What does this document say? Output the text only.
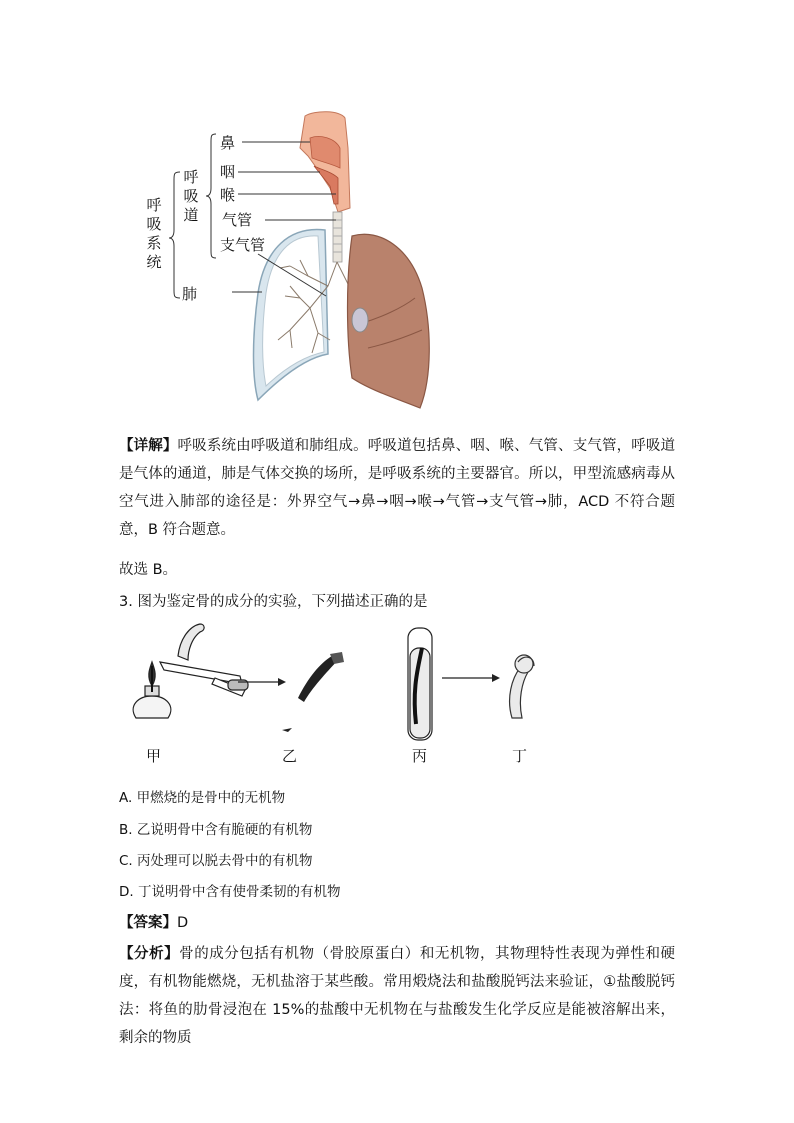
鼻
咽
喉
气管
支气管
肺
呼吸道
呼吸系统
【详解】呼吸系统由呼吸道和肺组成。呼吸道包括鼻、咽、喉、气管、支气管，呼吸道是气体的通道，肺是气体交换的场所，是呼吸系统的主要器官。所以，甲型流感病毒从空气进入肺部的途径是：外界空气→鼻→咽→喉→气管→支气管→肺，ACD 不符合题意，B 符合题意。
故选 B。
3. 图为鉴定骨的成分的实验，下列描述正确的是
甲	乙	丙	丁
A. 甲燃烧的是骨中的无机物
B. 乙说明骨中含有脆硬的有机物
C. 丙处理可以脱去骨中的有机物
D. 丁说明骨中含有使骨柔韧的有机物
【答案】D
【分析】骨的成分包括有机物（骨胶原蛋白）和无机物，其物理特性表现为弹性和硬度，有机物能燃烧，无机盐溶于某些酸。常用煅烧法和盐酸脱钙法来验证，①盐酸脱钙法：将鱼的肋骨浸泡在 15%的盐酸中无机物在与盐酸发生化学反应是能被溶解出来，剩余的物质
